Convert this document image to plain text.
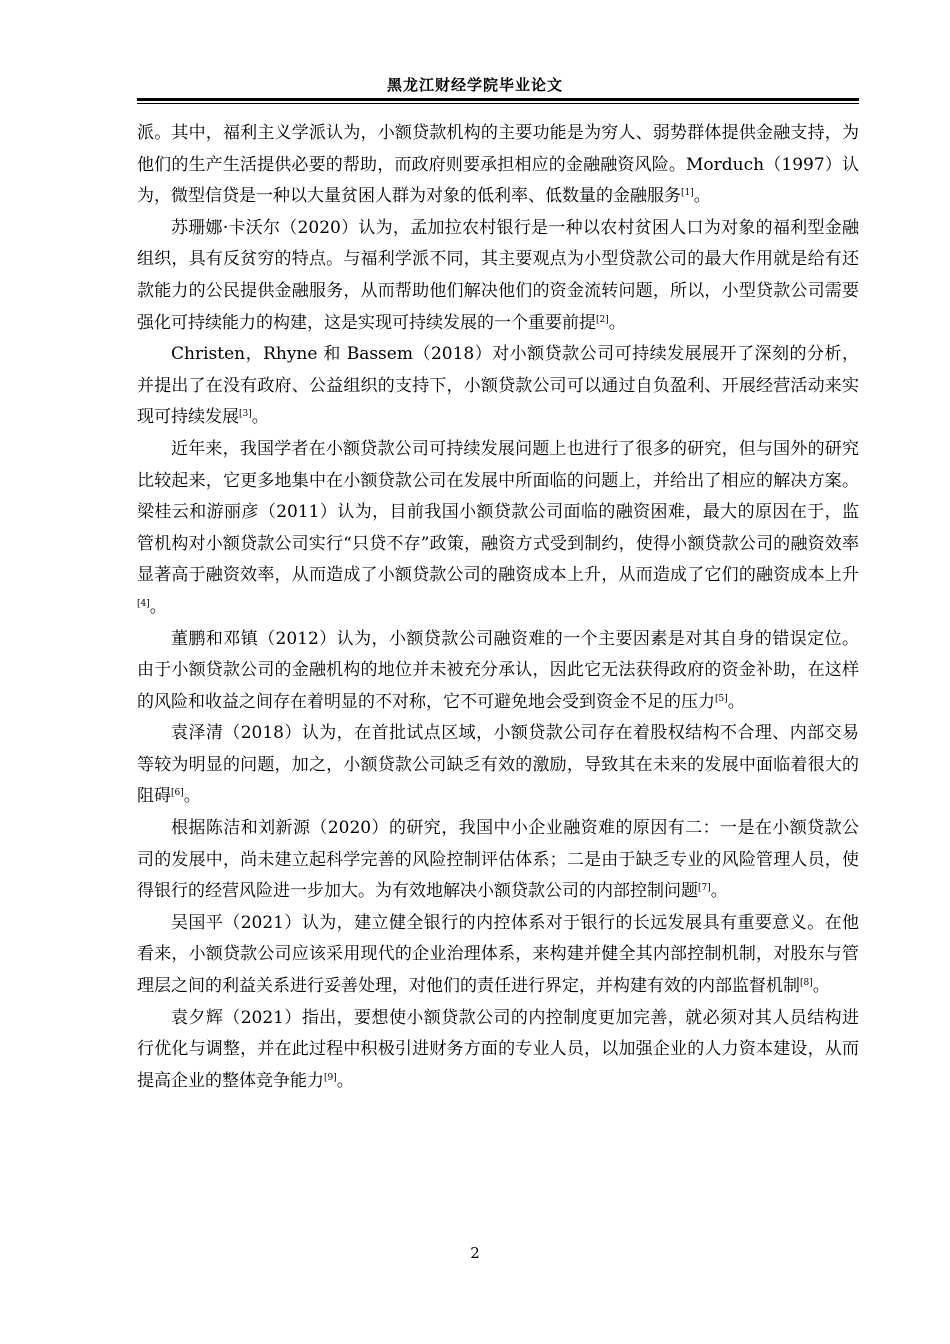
黑龙江财经学院毕业论文

派。其中，福利主义学派认为，小额贷款机构的主要功能是为穷人、弱势群体提供金融支持，为他们的生产生活提供必要的帮助，而政府则要承担相应的金融融资风险。Morduch（1997）认为，微型信贷是一种以大量贫困人群为对象的低利率、低数量的金融服务[1]。

苏珊娜·卡沃尔（2020）认为，孟加拉农村银行是一种以农村贫困人口为对象的福利型金融组织，具有反贫穷的特点。与福利学派不同，其主要观点为小型贷款公司的最大作用就是给有还款能力的公民提供金融服务，从而帮助他们解决他们的资金流转问题，所以，小型贷款公司需要强化可持续能力的构建，这是实现可持续发展的一个重要前提[2]。

Christen，Rhyne 和 Bassem（2018）对小额贷款公司可持续发展展开了深刻的分析，并提出了在没有政府、公益组织的支持下，小额贷款公司可以通过自负盈利、开展经营活动来实现可持续发展[3]。

近年来，我国学者在小额贷款公司可持续发展问题上也进行了很多的研究，但与国外的研究比较起来，它更多地集中在小额贷款公司在发展中所面临的问题上，并给出了相应的解决方案。梁桂云和游丽彦（2011）认为，目前我国小额贷款公司面临的融资困难，最大的原因在于，监管机构对小额贷款公司实行“只贷不存”政策，融资方式受到制约，使得小额贷款公司的融资效率显著高于融资效率，从而造成了小额贷款公司的融资成本上升，从而造成了它们的融资成本上升[4]。

董鹏和邓镇（2012）认为，小额贷款公司融资难的一个主要因素是对其自身的错误定位。由于小额贷款公司的金融机构的地位并未被充分承认，因此它无法获得政府的资金补助，在这样的风险和收益之间存在着明显的不对称，它不可避免地会受到资金不足的压力[5]。

袁泽清（2018）认为，在首批试点区域，小额贷款公司存在着股权结构不合理、内部交易等较为明显的问题，加之，小额贷款公司缺乏有效的激励，导致其在未来的发展中面临着很大的阻碍[6]。

根据陈洁和刘新源（2020）的研究，我国中小企业融资难的原因有二：一是在小额贷款公司的发展中，尚未建立起科学完善的风险控制评估体系；二是由于缺乏专业的风险管理人员，使得银行的经营风险进一步加大。为有效地解决小额贷款公司的内部控制问题[7]。

吴国平（2021）认为，建立健全银行的内控体系对于银行的长远发展具有重要意义。在他看来，小额贷款公司应该采用现代的企业治理体系，来构建并健全其内部控制机制，对股东与管理层之间的利益关系进行妥善处理，对他们的责任进行界定，并构建有效的内部监督机制[8]。

袁夕辉（2021）指出，要想使小额贷款公司的内控制度更加完善，就必须对其人员结构进行优化与调整，并在此过程中积极引进财务方面的专业人员，以加强企业的人力资本建设，从而提高企业的整体竞争能力[9]。

2
